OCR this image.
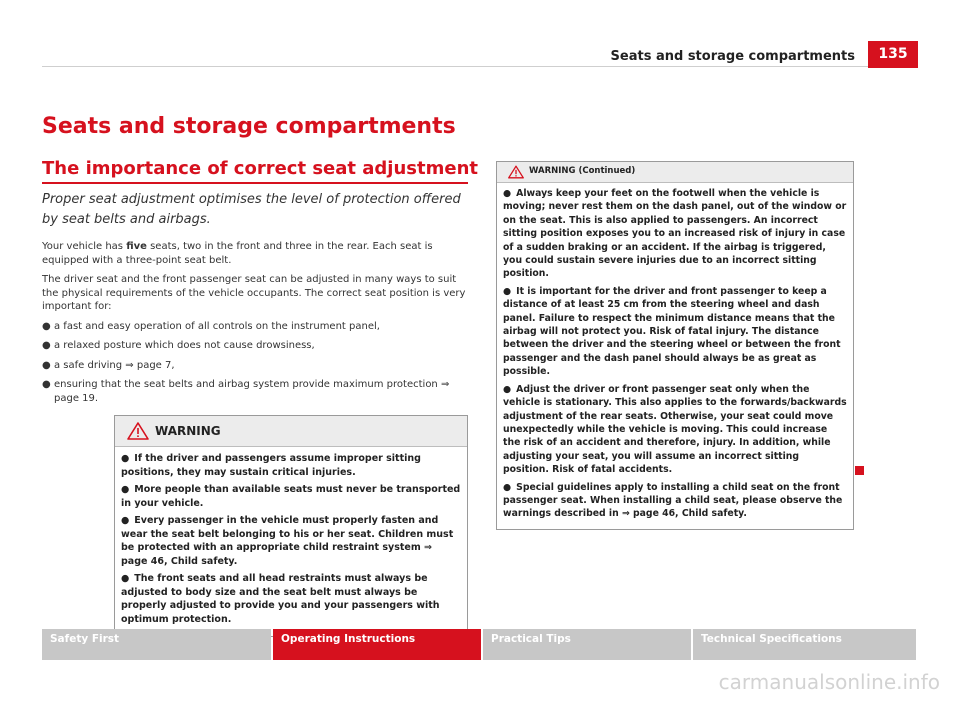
Seats and storage compartments	135
Seats and storage compartments
The importance of correct seat adjustment

Proper seat adjustment optimises the level of protection offered by seat belts and airbags.

Your vehicle has five seats, two in the front and three in the rear. Each seat is equipped with a three-point seat belt.

The driver seat and the front passenger seat can be adjusted in many ways to suit the physical requirements of the vehicle occupants. The correct seat position is very important for:

● a fast and easy operation of all controls on the instrument panel,
● a relaxed posture which does not cause drowsiness,
● a safe driving ⇒ page 7,
● ensuring that the seat belts and airbag system provide maximum protection ⇒ page 19.
WARNING
● If the driver and passengers assume improper sitting positions, they may sustain critical injuries.
● More people than available seats must never be transported in your vehicle.
● Every passenger in the vehicle must properly fasten and wear the seat belt belonging to his or her seat. Children must be protected with an appropriate child restraint system ⇒ page 46, Child safety.
● The front seats and all head restraints must always be adjusted to body size and the seat belt must always be properly adjusted to provide you and your passengers with optimum protection.
WARNING (Continued)
● Always keep your feet on the footwell when the vehicle is moving; never rest them on the dash panel, out of the window or on the seat. This is also applied to passengers. An incorrect sitting position exposes you to an increased risk of injury in case of a sudden braking or an accident. If the airbag is triggered, you could sustain severe injuries due to an incorrect sitting position.
● It is important for the driver and front passenger to keep a distance of at least 25 cm from the steering wheel and dash panel. Failure to respect the minimum distance means that the airbag will not protect you. Risk of fatal injury. The distance between the driver and the steering wheel or between the front passenger and the dash panel should always be as great as possible.
● Adjust the driver or front passenger seat only when the vehicle is stationary. This also applies to the forwards/backwards adjustment of the rear seats. Otherwise, your seat could move unexpectedly while the vehicle is moving. This could increase the risk of an accident and therefore, injury. In addition, while adjusting your seat, you will assume an incorrect sitting position. Risk of fatal accidents.
● Special guidelines apply to installing a child seat on the front passenger seat. When installing a child seat, please observe the warnings described in ⇒ page 46, Child safety.
Safety First	Operating Instructions	Practical Tips	Technical Specifications
carmanualsonline.info
